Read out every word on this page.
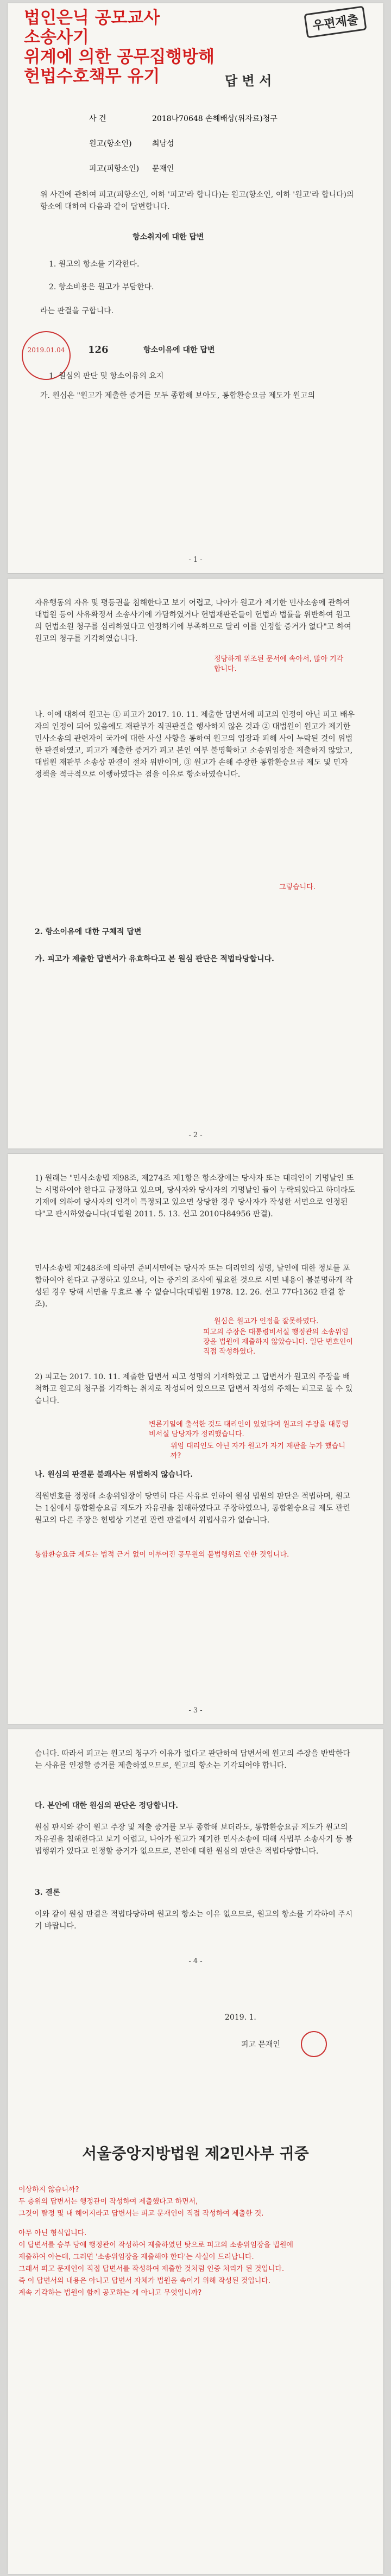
법인은닉 공모교사
소송사기
위계에 의한 공무집행방해
헌법수호책무 유기	답 변 서
우편제출
사 건	2018나70648 손해배상(위자료)청구
원고(항소인)	최남성
피고(피항소인) 문재인
위 사건에 관하여 피고(피항소인, 이하 '피고'라 합니다)는 원고(항소인, 이하 '원고'라 합니다)의 항소에 대하여 다음과 같이 답변합니다.
항소취지에 대한 답변
1. 원고의 항소를 기각한다.
2. 항소비용은 원고가 부담한다.
라는 판결을 구합니다.
2019.01.04	126	항소이유에 대한 답변
1. 원심의 판단 및 항소이유의 요지
가. 원심은 "원고가 제출한 증거를 모두 종합해 보아도, 통합환승요금 제도가 원고의
- 1 -
자유행동의 자유 및 평등권을 침해한다고 보기 어렵고, 나아가 원고가 제기한 민사소송에 관하여 대법원 등이 사유확정서 소송사기에 가담하였거나 헌법재판관들이 헌법과 법률을 위반하여 원고의 헌법소원 청구를 심리하였다고 인정하기에 부족하므로 달리 이를 인정할 증거가 없다"고 하여 원고의 청구를 기각하였습니다.
정당하게 위조된 문서에 속아서, 많아 기각합니다.
나. 이에 대하여 원고는 ① 피고가 2017. 10. 11. 제출한 답변서에 피고의 인정이 아닌 피고 배우자의 인정이 되어 있음에도 재판부가 직권판결을 행사하지 않은 것과 ② 대법원이 원고가 제기한 민사소송의 관련자이 국가에 대한 사실 사항을 통하여 원고의 입장과 피해 사이 누락된 것이 위법한 판결하였고, 피고가 제출한 증거가 피고 본인 여부 불명확하고 소송위임장을 제출하지 않았고, 대법원 재판부 소송상 판결이 절차 위반이며, ③ 원고가 손해 주장한 통합환승요금 제도 및 민자정책을 적극적으로 이행하였다는 점을 이유로 항소하였습니다.
그렇습니다.
2. 항소이유에 대한 구체적 답변
가. 피고가 제출한 답변서가 유효하다고 본 원심 판단은 적법타당합니다.
- 2 -
1) 원래는 "민사소송법 제98조, 제274조 제1항은 항소장에는 당사자 또는 대리인이 기명날인 또는 서명하여야 한다고 규정하고 있으며, 당사자와 당사자의 기명날인 들이 누락되었다고 하더라도 기재에 의하여 당사자의 인격이 특정되고 있으면 상당한 경우 당사자가 작성한 서면으로 인정된다"고 판시하였습니다(대법원 2011. 5. 13. 선고 2010다84956 판결).
민사소송법 제248조에 의하면 준비서면에는 당사자 또는 대리인의 성명, 날인에 대한 정보를 포함하여야 한다고 규정하고 있으나, 이는 증거의 조사에 필요한 것으로 서면 내용이 불분명하게 작성된 경우 당해 서면을 무효로 볼 수 없습니다(대법원 1978. 12. 26. 선고 77다1362 판결 참조).
원심은 원고가 인정을 잘못하였다.
피고의 주장은 대통령비서실 행정관의 소송위임장을 법원에 제출하지 않았습니다. 일단 변호인이 직접 작성하였다.
2) 피고는 2017. 10. 11. 제출한 답변서 피고 성명의 기재하였고 그 답변서가 원고의 주장을 배척하고 원고의 청구를 기각하는 취지로 작성되어 있으므로 답변서 작성의 주체는 피고로 볼 수 있습니다.
변론기일에 출석한 것도 대리인이 있었다며 원고의 주장을 대통령비서실 담당자가 정리했습니다.
위임 대리인도 아닌 자가 원고가 자기 재판을 누가 했습니까?
나. 원심의 판결문 불쾌사는 위법하지 않습니다.
직원변호를 정정해 소송위임장이 당연히 다른 사유로 인하여 원심 법원의 판단은 적법하며, 원고는 1심에서 통합환승요금 제도가 자유권을 침해하였다고 주장하였으나, 통합환승요금 제도 관련 원고의 다른 주장은 헌법상 기본권 관련 판결에서 위법사유가 없습니다.
통합환승요금 제도는 법적 근거 없이 이루어진 공무원의 불법행위로 인한 것입니다.
- 3 -
습니다. 따라서 피고는 원고의 청구가 이유가 없다고 판단하여 답변서에 원고의 주장을 반박한다는 사유를 인정할 증거를 제출하였으므로, 원고의 항소는 기각되어야 합니다.
다. 본안에 대한 원심의 판단은 정당합니다.
원심 판시와 같이 원고 주장 및 제출 증거를 모두 종합해 보더라도, 통합환승요금 제도가 원고의 자유권을 침해한다고 보기 어렵고, 나아가 원고가 제기한 민사소송에 대해 사법부 소송사기 등 불법행위가 있다고 인정할 증거가 없으므로, 본안에 대한 원심의 판단은 적법타당합니다.
3. 결론
이와 같이 원심 판결은 적법타당하며 원고의 항소는 이유 없으므로, 원고의 항소를 기각하여 주시기 바랍니다.
- 4 -
2019. 1.
피고 문재인
서울중앙지방법원 제2민사부 귀중
이상하지 않습니까?
두 층위의 답변서는 행정관이 작성하여 제출했다고 하면서,
그것이 탈정 및 내 헤어지라고 답변서는 피고 문재인이 직접 작성하여 제출한 것.
아무 아닌 형식입니다.
이 답변서를 승부 당에 행정관이 작성하여 제출하였던 탓으로 피고의 소송위임장을 법원에
제출하여 아는데, 그러면 '소송위임장을 제출해야 한다'는 사실이 드러납니다.
그래서 피고 문재인이 직접 답변서를 작성하여 제출한 것처럼 인증 처리가 된 것입니다.
즉 이 답변서의 내용은 아니고 답변서 자체가 법원을 속이기 위해 작성된 것입니다.
계속 기각하는 법원이 함께 공모하는 게 아니고 무엇입니까?
